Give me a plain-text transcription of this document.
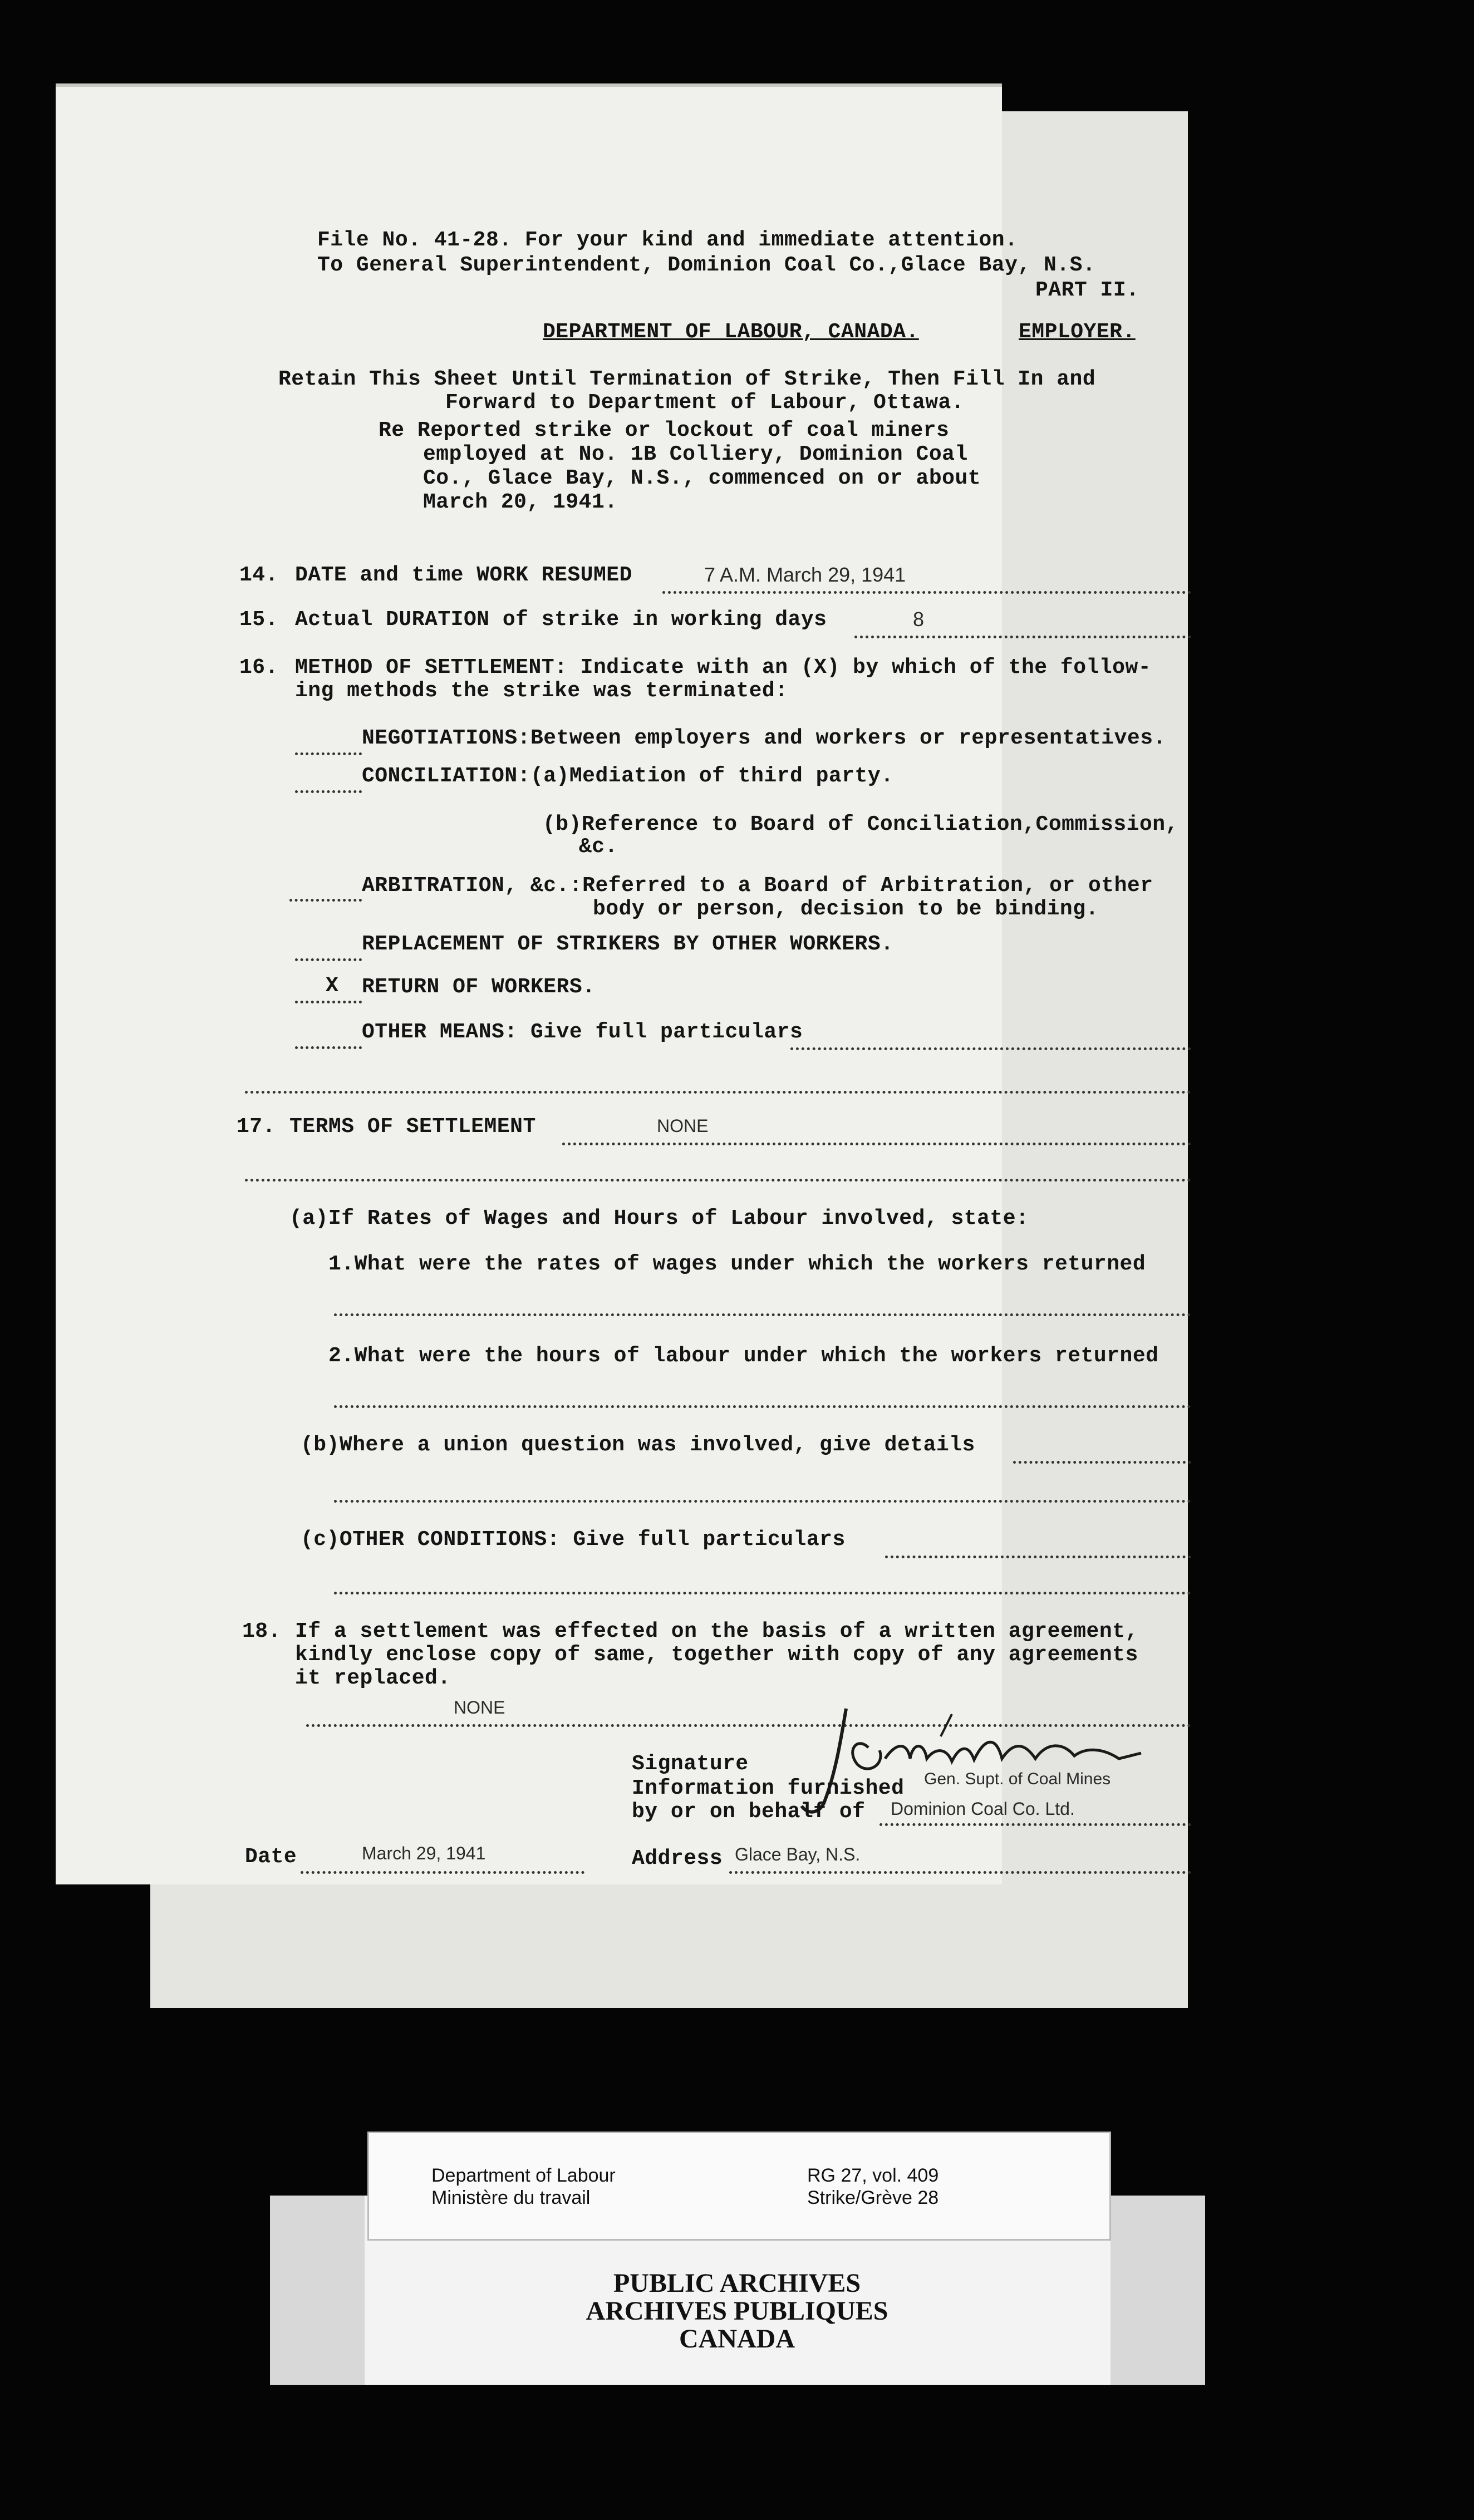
File No. 41-28. For your kind and immediate attention.
To General Superintendent, Dominion Coal Co.,Glace Bay, N.S.
PART II.
DEPARTMENT OF LABOUR, CANADA.	EMPLOYER.
Retain This Sheet Until Termination of Strike, Then Fill In and
Forward to Department of Labour, Ottawa.
Re Reported strike or lockout of coal miners
employed at No. 1B Colliery, Dominion Coal
Co., Glace Bay, N.S., commenced on or about
March 20, 1941.
14. DATE and time WORK RESUMED	7 A.M. March 29, 1941
15. Actual DURATION of strike in working days	8
16. METHOD OF SETTLEMENT: Indicate with an (X) by which of the follow-
ing methods the strike was terminated:
NEGOTIATIONS:Between employers and workers or representatives.
CONCILIATION:(a)Mediation of third party.
(b)Reference to Board of Conciliation,Commission,
&c.
ARBITRATION, &c.:Referred to a Board of Arbitration, or other
body or person, decision to be binding.
REPLACEMENT OF STRIKERS BY OTHER WORKERS.
X RETURN OF WORKERS.
OTHER MEANS: Give full particulars
17. TERMS OF SETTLEMENT	NONE
(a)If Rates of Wages and Hours of Labour involved, state:
1.What were the rates of wages under which the workers returned
2.What were the hours of labour under which the workers returned
(b)Where a union question was involved, give details
(c)OTHER CONDITIONS: Give full particulars
18. If a settlement was effected on the basis of a written agreement,
kindly enclose copy of same, together with copy of any agreements
it replaced.
NONE
Signature
Information furnished Gen. Supt. of Coal Mines
by or on behalf of Dominion Coal Co. Ltd.
Date	March 29, 1941	Address Glace Bay, N.S.
Department of Labour
Ministère du travail
RG 27, vol. 409
Strike/Grève 28
PUBLIC ARCHIVES
ARCHIVES PUBLIQUES
CANADA
